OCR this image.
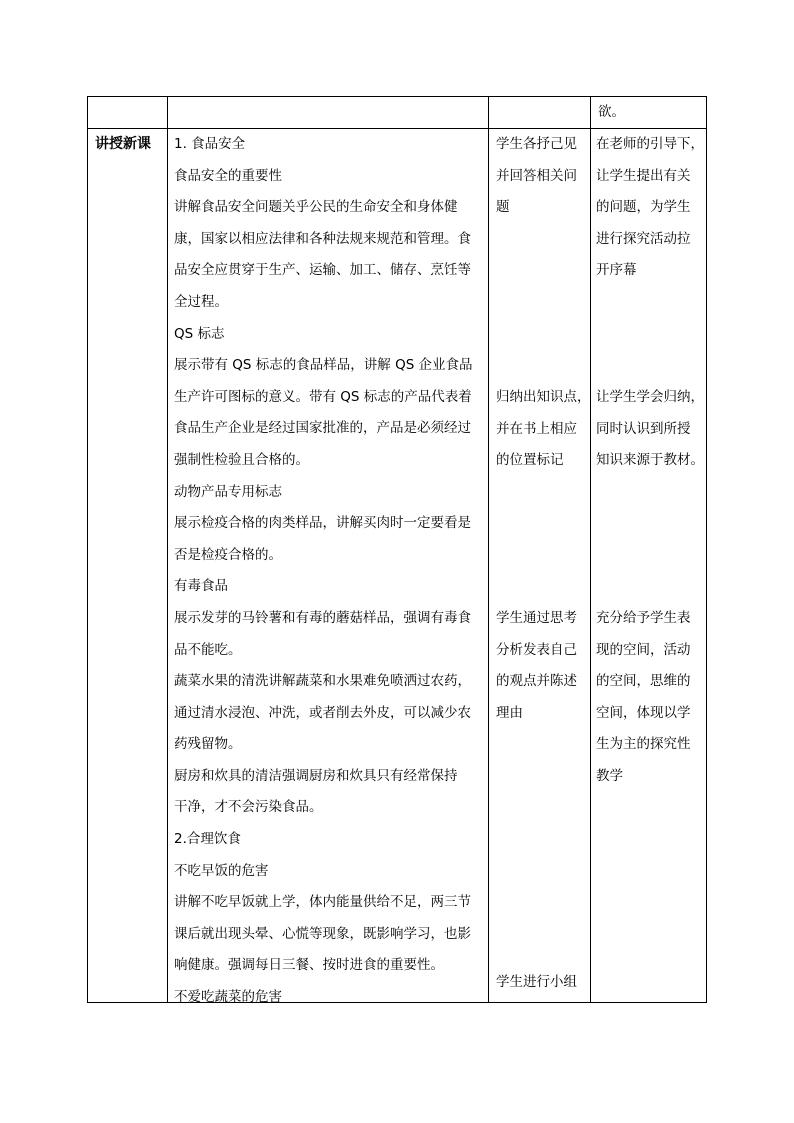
欲。
讲授新课 1. 食品安全
食品安全的重要性
讲解食品安全问题关乎公民的生命安全和身体健
康，国家以相应法律和各种法规来规范和管理。食
品安全应贯穿于生产、运输、加工、储存、烹饪等
全过程。
QS 标志
展示带有 QS 标志的食品样品，讲解 QS 企业食品
生产许可图标的意义。带有 QS 标志的产品代表着
食品生产企业是经过国家批准的，产品是必须经过
强制性检验且合格的。
动物产品专用标志
展示检疫合格的肉类样品，讲解买肉时一定要看是
否是检疫合格的。
有毒食品
展示发芽的马铃薯和有毒的蘑菇样品，强调有毒食
品不能吃。
蔬菜水果的清洗讲解蔬菜和水果难免喷洒过农药，
通过清水浸泡、冲洗，或者削去外皮，可以减少农
药残留物。
厨房和炊具的清洁强调厨房和炊具只有经常保持
干净，才不会污染食品。
2.合理饮食
不吃早饭的危害
讲解不吃早饭就上学，体内能量供给不足，两三节
课后就出现头晕、心慌等现象，既影响学习，也影
响健康。强调每日三餐、按时进食的重要性。
不爱吃蔬菜的危害
学生各抒己见
并回答相关问
题
归纳出知识点，
并在书上相应
的位置标记
学生通过思考
分析发表自己
的观点并陈述
理由
学生进行小组
在老师的引导下，
让学生提出有关
的问题，为学生
进行探究活动拉
开序幕
让学生学会归纳，
同时认识到所授
知识来源于教材。
充分给予学生表
现的空间，活动
的空间，思维的
空间，体现以学
生为主的探究性
教学
